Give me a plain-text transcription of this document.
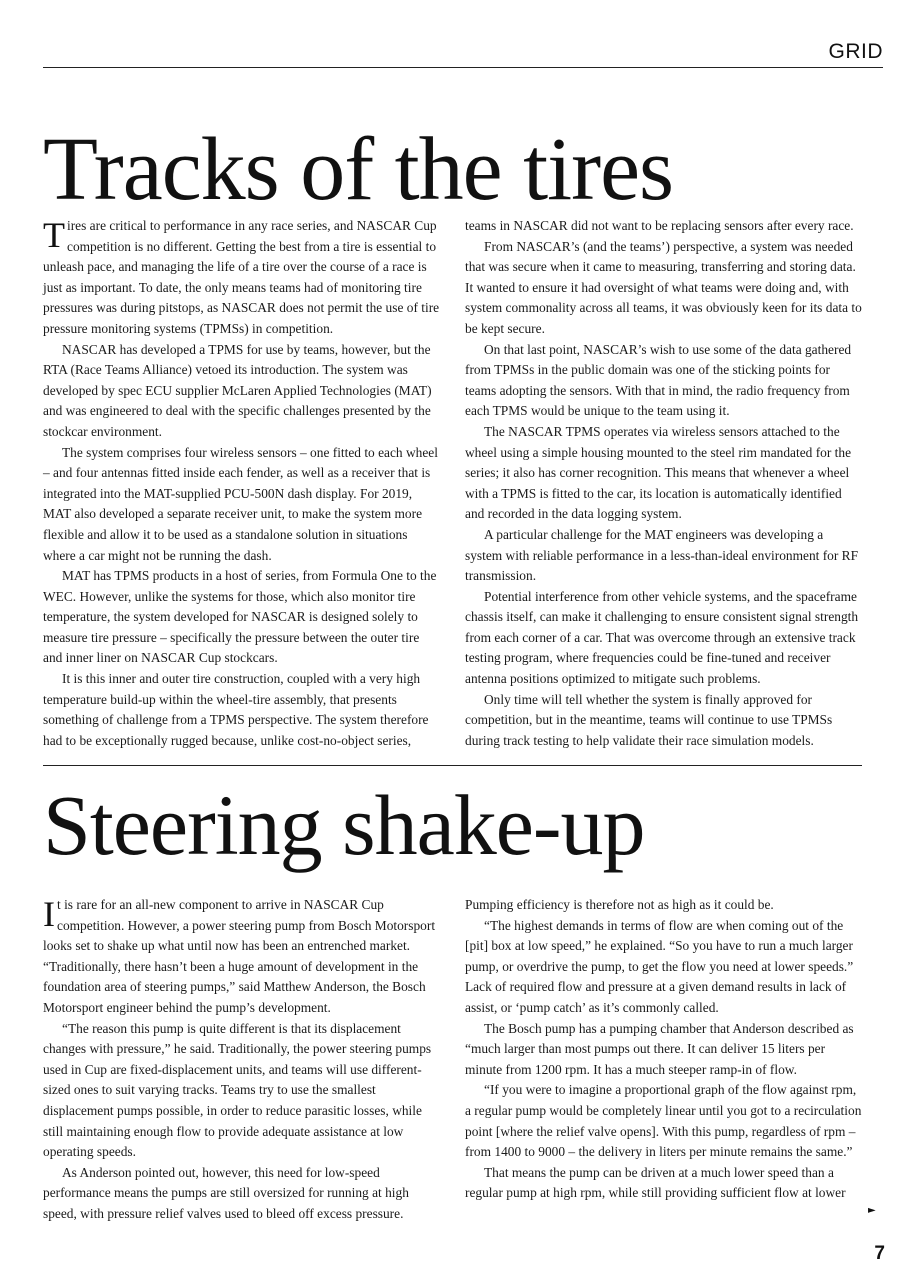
GRID
Tracks of the tires

Tires are critical to performance in any race series, and NASCAR Cup competition is no different. Getting the best from a tire is essential to unleash pace, and managing the life of a tire over the course of a race is just as important. To date, the only means teams had of monitoring tire pressures was during pitstops, as NASCAR does not permit the use of tire pressure monitoring systems (TPMSs) in competition.

NASCAR has developed a TPMS for use by teams, however, but the RTA (Race Teams Alliance) vetoed its introduction. The system was developed by spec ECU supplier McLaren Applied Technologies (MAT) and was engineered to deal with the specific challenges presented by the stockcar environment.

The system comprises four wireless sensors – one fitted to each wheel – and four antennas fitted inside each fender, as well as a receiver that is integrated into the MAT-supplied PCU-500N dash display. For 2019, MAT also developed a separate receiver unit, to make the system more flexible and allow it to be used as a standalone solution in situations where a car might not be running the dash.

MAT has TPMS products in a host of series, from Formula One to the WEC. However, unlike the systems for those, which also monitor tire temperature, the system developed for NASCAR is designed solely to measure tire pressure – specifically the pressure between the outer tire and inner liner on NASCAR Cup stockcars.

It is this inner and outer tire construction, coupled with a very high temperature build-up within the wheel-tire assembly, that presents something of challenge from a TPMS perspective. The system therefore had to be exceptionally rugged because, unlike cost-no-object series,

teams in NASCAR did not want to be replacing sensors after every race.

From NASCAR’s (and the teams’) perspective, a system was needed that was secure when it came to measuring, transferring and storing data. It wanted to ensure it had oversight of what teams were doing and, with system commonality across all teams, it was obviously keen for its data to be kept secure.

On that last point, NASCAR’s wish to use some of the data gathered from TPMSs in the public domain was one of the sticking points for teams adopting the sensors. With that in mind, the radio frequency from each TPMS would be unique to the team using it.

The NASCAR TPMS operates via wireless sensors attached to the wheel using a simple housing mounted to the steel rim mandated for the series; it also has corner recognition. This means that whenever a wheel with a TPMS is fitted to the car, its location is automatically identified and recorded in the data logging system.

A particular challenge for the MAT engineers was developing a system with reliable performance in a less-than-ideal environment for RF transmission.

Potential interference from other vehicle systems, and the spaceframe chassis itself, can make it challenging to ensure consistent signal strength from each corner of a car. That was overcome through an extensive track testing program, where frequencies could be fine-tuned and receiver antenna positions optimized to mitigate such problems.

Only time will tell whether the system is finally approved for competition, but in the meantime, teams will continue to use TPMSs during track testing to help validate their race simulation models.

Steering shake-up

It is rare for an all-new component to arrive in NASCAR Cup competition. However, a power steering pump from Bosch Motorsport looks set to shake up what until now has been an entrenched market. “Traditionally, there hasn’t been a huge amount of development in the foundation area of steering pumps,” said Matthew Anderson, the Bosch Motorsport engineer behind the pump’s development.

“The reason this pump is quite different is that its displacement changes with pressure,” he said. Traditionally, the power steering pumps used in Cup are fixed-displacement units, and teams will use different-sized ones to suit varying tracks. Teams try to use the smallest displacement pumps possible, in order to reduce parasitic losses, while still maintaining enough flow to provide adequate assistance at low operating speeds.

As Anderson pointed out, however, this need for low-speed performance means the pumps are still oversized for running at high speed, with pressure relief valves used to bleed off excess pressure.

Pumping efficiency is therefore not as high as it could be.

“The highest demands in terms of flow are when coming out of the [pit] box at low speed,” he explained. “So you have to run a much larger pump, or overdrive the pump, to get the flow you need at lower speeds.” Lack of required flow and pressure at a given demand results in lack of assist, or ‘pump catch’ as it’s commonly called.

The Bosch pump has a pumping chamber that Anderson described as “much larger than most pumps out there. It can deliver 15 liters per minute from 1200 rpm. It has a much steeper ramp-in of flow.

“If you were to imagine a proportional graph of the flow against rpm, a regular pump would be completely linear until you got to a recirculation point [where the relief valve opens]. With this pump, regardless of rpm – from 1400 to 9000 – the delivery in liters per minute remains the same.”

That means the pump can be driven at a much lower speed than a regular pump at high rpm, while still providing sufficient flow at lower

►
7
